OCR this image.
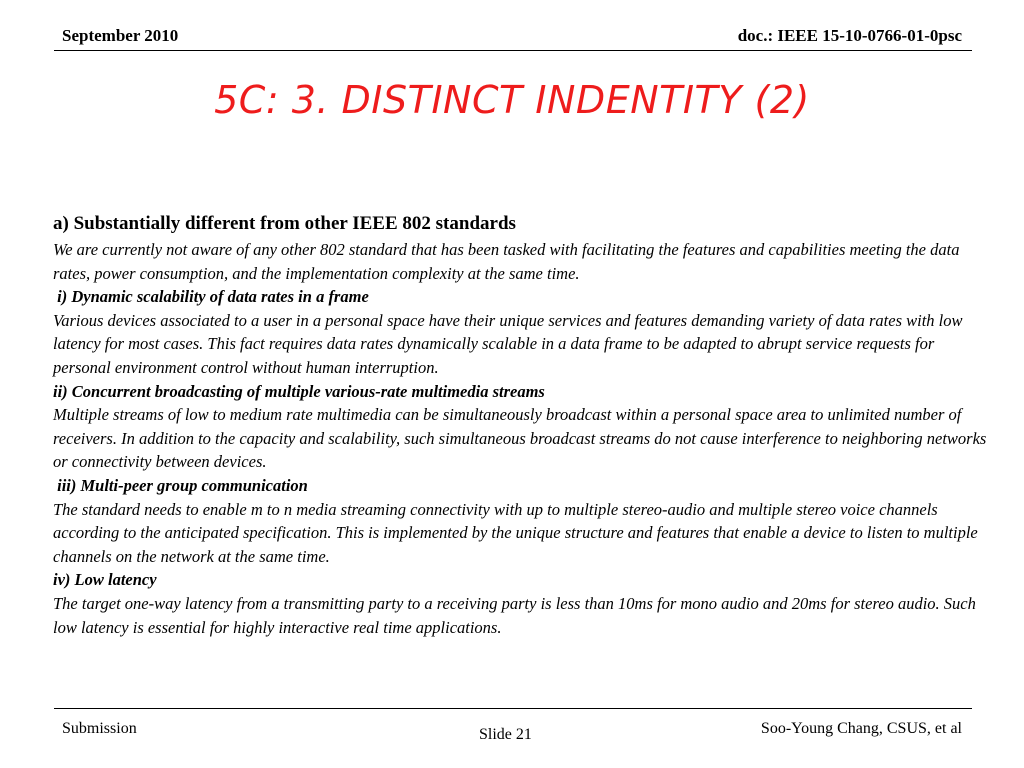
September 2010	doc.: IEEE 15-10-0766-01-0psc
5C: 3. DISTINCT INDENTITY (2)
a) Substantially different from other IEEE 802 standards
We are currently not aware of any other 802 standard that has been tasked with facilitating the features and capabilities meeting the data rates, power consumption, and the implementation complexity at the same time.
i) Dynamic scalability of data rates in a frame
Various devices associated to a user in a personal space have their unique services and features demanding variety of data rates with low latency for most cases. This fact requires data rates dynamically scalable in a data frame to be adapted to abrupt service requests for personal environment control without human interruption.
ii) Concurrent broadcasting of multiple various-rate multimedia streams
Multiple streams of low to medium rate multimedia can be simultaneously broadcast within a personal space area to unlimited number of receivers. In addition to the capacity and scalability, such simultaneous broadcast streams do not cause interference to neighboring networks or connectivity between devices.
iii) Multi-peer group communication
The standard needs to enable m to n media streaming connectivity with up to multiple stereo-audio and multiple stereo voice channels according to the anticipated specification. This is implemented by the unique structure and features that enable a device to listen to multiple channels on the network at the same time.
iv) Low latency
The target one-way latency from a transmitting party to a receiving party is less than 10ms for mono audio and 20ms for stereo audio. Such low latency is essential for highly interactive real time applications.
Submission	Slide 21	Soo-Young Chang, CSUS, et al
